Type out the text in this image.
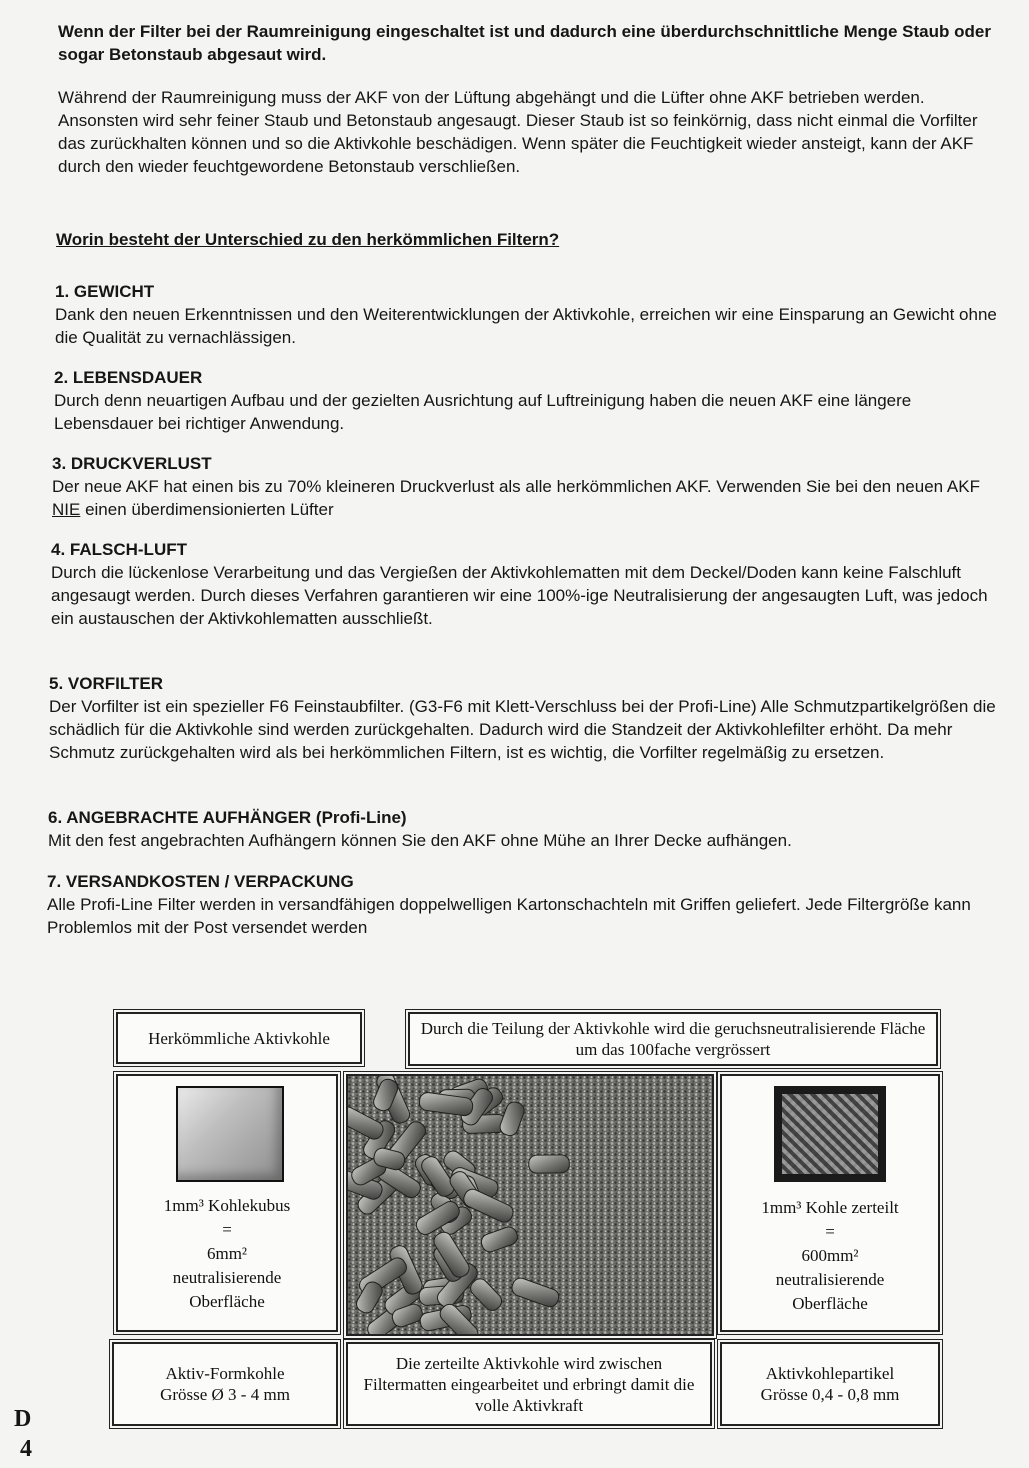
Wenn der Filter bei der Raumreinigung eingeschaltet ist und dadurch eine überdurchschnittliche Menge Staub oder sogar Betonstaub abgesaut wird.

Während der Raumreinigung muss der AKF von der Lüftung abgehängt und die Lüfter ohne AKF betrieben werden. Ansonsten wird sehr feiner Staub und Betonstaub angesaugt. Dieser Staub ist so feinkörnig, dass nicht einmal die Vorfilter das zurückhalten können und so die Aktivkohle beschädigen. Wenn später die Feuchtigkeit wieder ansteigt, kann der AKF durch den wieder feuchtgewordene Betonstaub verschließen.

Worin besteht der Unterschied zu den herkömmlichen Filtern?

1. GEWICHT

Dank den neuen Erkenntnissen und den Weiterentwicklungen der Aktivkohle, erreichen wir eine Einsparung an Gewicht ohne die Qualität zu vernachlässigen.

2. LEBENSDAUER

Durch denn neuartigen Aufbau und der gezielten Ausrichtung auf Luftreinigung haben die neuen AKF eine längere Lebensdauer bei richtiger Anwendung.

3. DRUCKVERLUST

Der neue AKF hat einen bis zu 70% kleineren Druckverlust als alle herkömmlichen AKF. Verwenden Sie bei den neuen AKF NIE einen überdimensionierten Lüfter

4. FALSCH-LUFT

Durch die lückenlose Verarbeitung und das Vergießen der Aktivkohlematten mit dem Deckel/Doden kann keine Falschluft angesaugt werden. Durch dieses Verfahren garantieren wir eine 100%-ige Neutralisierung der angesaugten Luft, was jedoch ein austauschen der Aktivkohlematten ausschließt.

5. VORFILTER

Der Vorfilter ist ein spezieller F6 Feinstaubfilter. (G3-F6 mit Klett-Verschluss bei der Profi-Line) Alle Schmutzpartikelgrößen die schädlich für die Aktivkohle sind werden zurückgehalten. Dadurch wird die Standzeit der Aktivkohlefilter erhöht. Da mehr Schmutz zurückgehalten wird als bei herkömmlichen Filtern, ist es wichtig, die Vorfilter regelmäßig zu ersetzen.

6. ANGEBRACHTE AUFHÄNGER (Profi-Line)

Mit den fest angebrachten Aufhängern können Sie den AKF ohne Mühe an Ihrer Decke aufhängen.

7. VERSANDKOSTEN / VERPACKUNG

Alle Profi-Line Filter werden in versandfähigen doppelwelligen Kartonschachteln mit Griffen geliefert. Jede Filtergröße kann Problemlos mit der Post versendet werden

Herkömmliche Aktivkohle	Durch die Teilung der Aktivkohle wird die geruchsneutralisierende Fläche um das 100fache vergrössert
1mm³ Kohlekubus
=
6mm²
neutralisierende
Oberfläche
1mm³ Kohle zerteilt
=
600mm²
neutralisierende
Oberfläche
Aktiv-Formkohle
Grösse Ø 3 - 4 mm
Die zerteilte Aktivkohle wird zwischen Filtermatten eingearbeitet und erbringt damit die volle Aktivkraft
Aktivkohlepartikel
Grösse 0,4 - 0,8 mm
D
4
